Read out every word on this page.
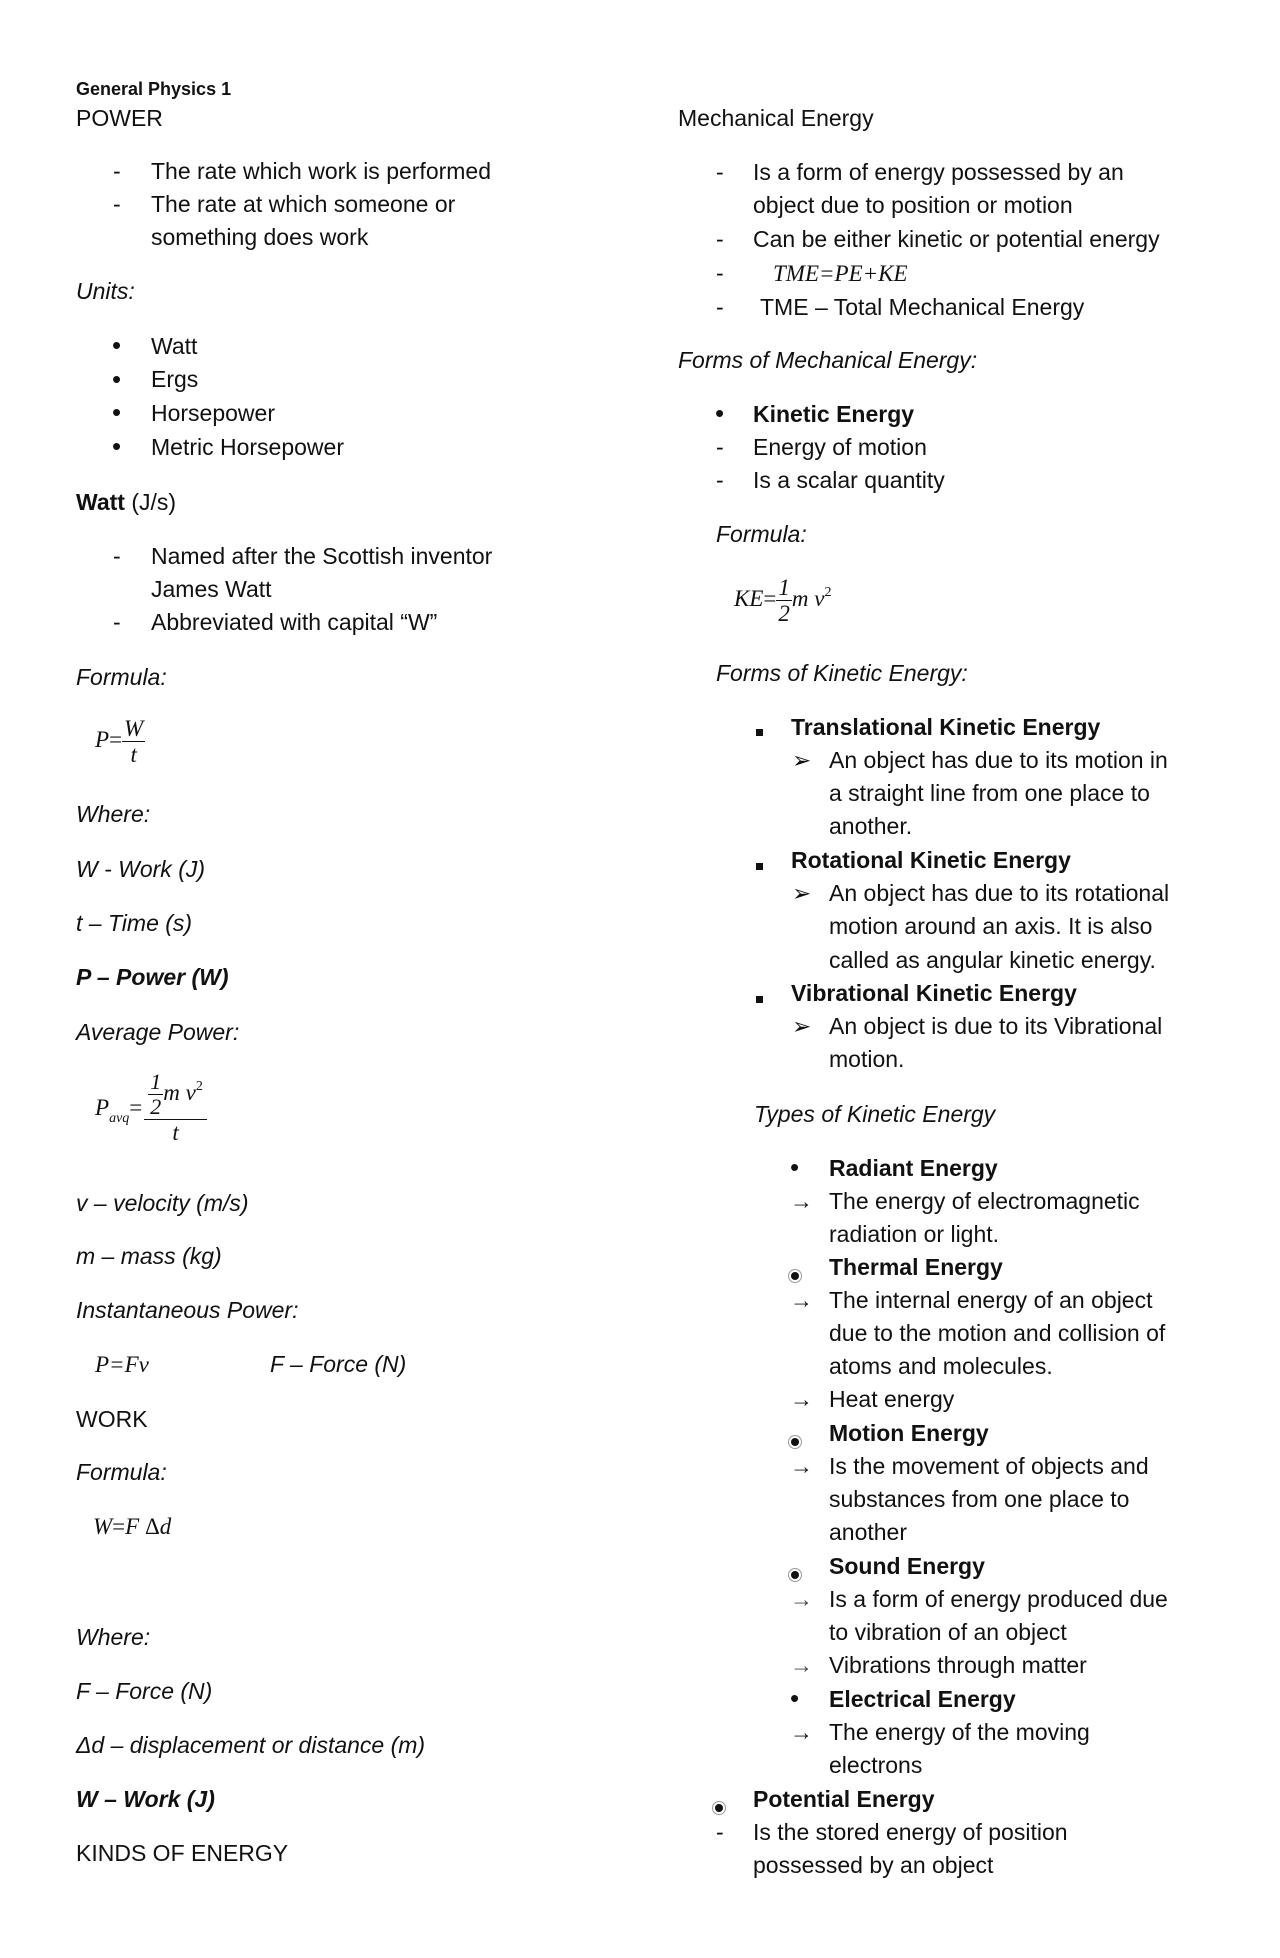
General Physics 1
POWER
- The rate which work is performed
- The rate at which someone or
something does work
Units:
• Watt
• Ergs
• Horsepower
• Metric Horsepower
Watt (J/s)
- Named after the Scottish inventor
James Watt
- Abbreviated with capital “W”
Formula:
$P= \frac{W}{t}$
Where:
W - Work (J)
t – Time (s)
P – Power (W)
Average Power:
$P_{avq}= \frac{\frac{1}{2} m v^2}{t}$
v – velocity (m/s)
m – mass (kg)
Instantaneous Power:
P=Fv	F – Force (N)
WORK
Formula:
W=F Δd
Where:
F – Force (N)
Δd – displacement or distance (m)
W – Work (J)
KINDS OF ENERGY
Mechanical Energy
- Is a form of energy possessed by an
object due to position or motion
- Can be either kinetic or potential energy
- TME=PE+KE
- TME – Total Mechanical Energy
Forms of Mechanical Energy:
• Kinetic Energy
- Energy of motion
- Is a scalar quantity
Formula:
$KE= \frac{1}{2}$ m $v^2$
Forms of Kinetic Energy:
Translational Kinetic Energy
➢ An object has due to its motion in
a straight line from one place to
another.
Rotational Kinetic Energy
➢ An object has due to its rotational
motion around an axis. It is also
called as angular kinetic energy.
Vibrational Kinetic Energy
➢ An object is due to its Vibrational
motion.
Types of Kinetic Energy
• Radiant Energy
→ The energy of electromagnetic
radiation or light.
Thermal Energy
→ The internal energy of an object
due to the motion and collision of
atoms and molecules.
→ Heat energy
Motion Energy
→ Is the movement of objects and
substances from one place to
another
Sound Energy
→ Is a form of energy produced due
to vibration of an object
→ Vibrations through matter
• Electrical Energy
→ The energy of the moving
electrons
Potential Energy
- Is the stored energy of position
possessed by an object
